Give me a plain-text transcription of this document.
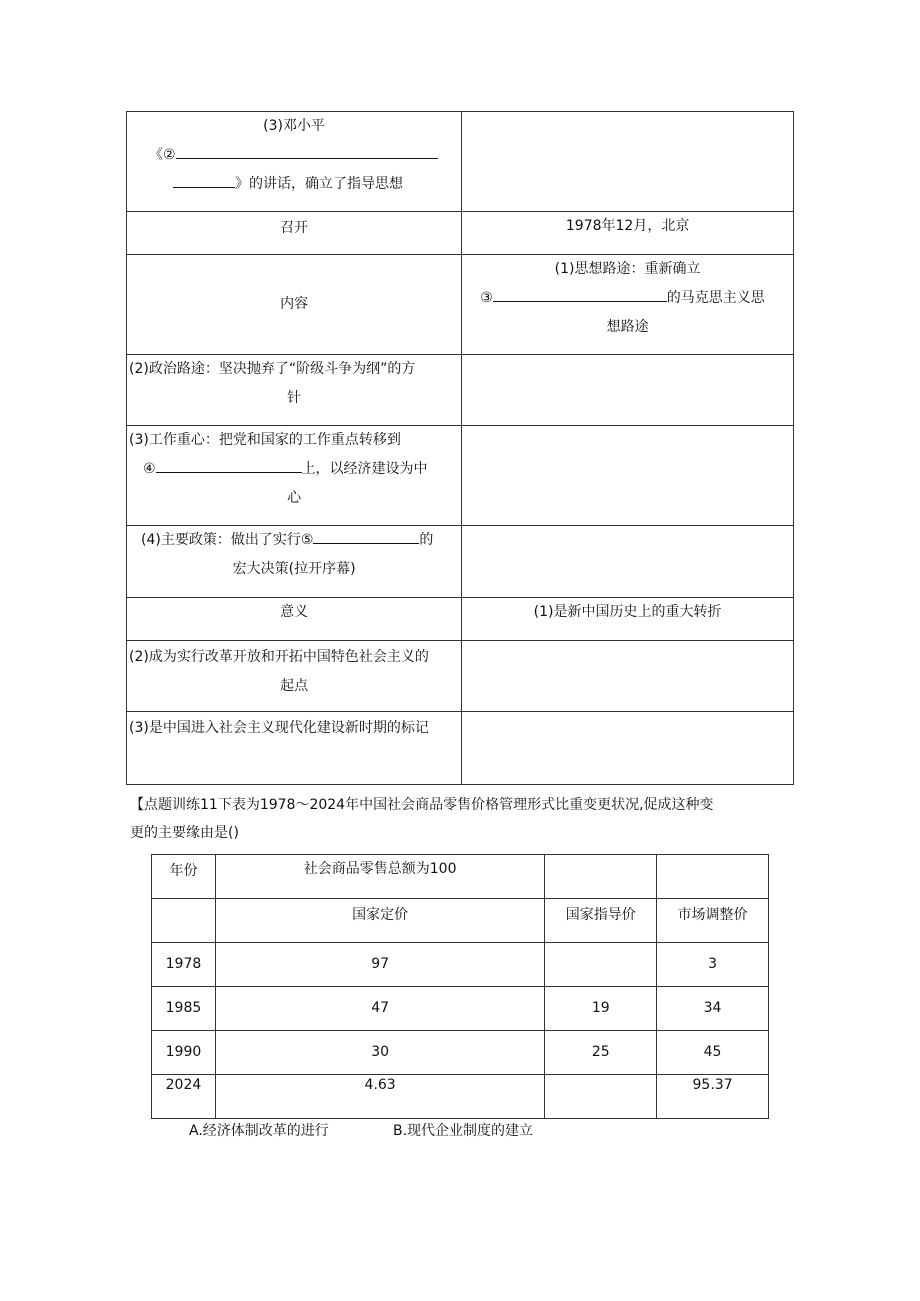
(3)邓小平
《②
》的讲话，确立了指导思想	

召开	1978年12月，北京
内容	(1)思想路途：重新确立
③ 的马克思主义思
想路途

(2)政治路途：坚决抛弃了“阶级斗争为纲”的方
针	

(3)工作重心：把党和国家的工作重点转移到
④ 上，以经济建设为中
心	

(4)主要政策：做出了实行⑤ 的
宏大决策(拉开序幕)	

意义	(1)是新中国历史上的重大转折

(2)成为实行改革开放和开拓中国特色社会主义的
起点	

(3)是中国进入社会主义现代化建设新时期的标记	
【点题训练11下表为1978～2024年中国社会商品零售价格管理形式比重变更状况,促成这种变
更的主要缘由是()
年份	社会商品零售总额为100		
	国家定价	国家指导价	市场调整价
1978	97		3
1985	47	19	34
1990	30	25	45
2024	4.63		95.37
A.经济体制改革的进行	B.现代企业制度的建立
